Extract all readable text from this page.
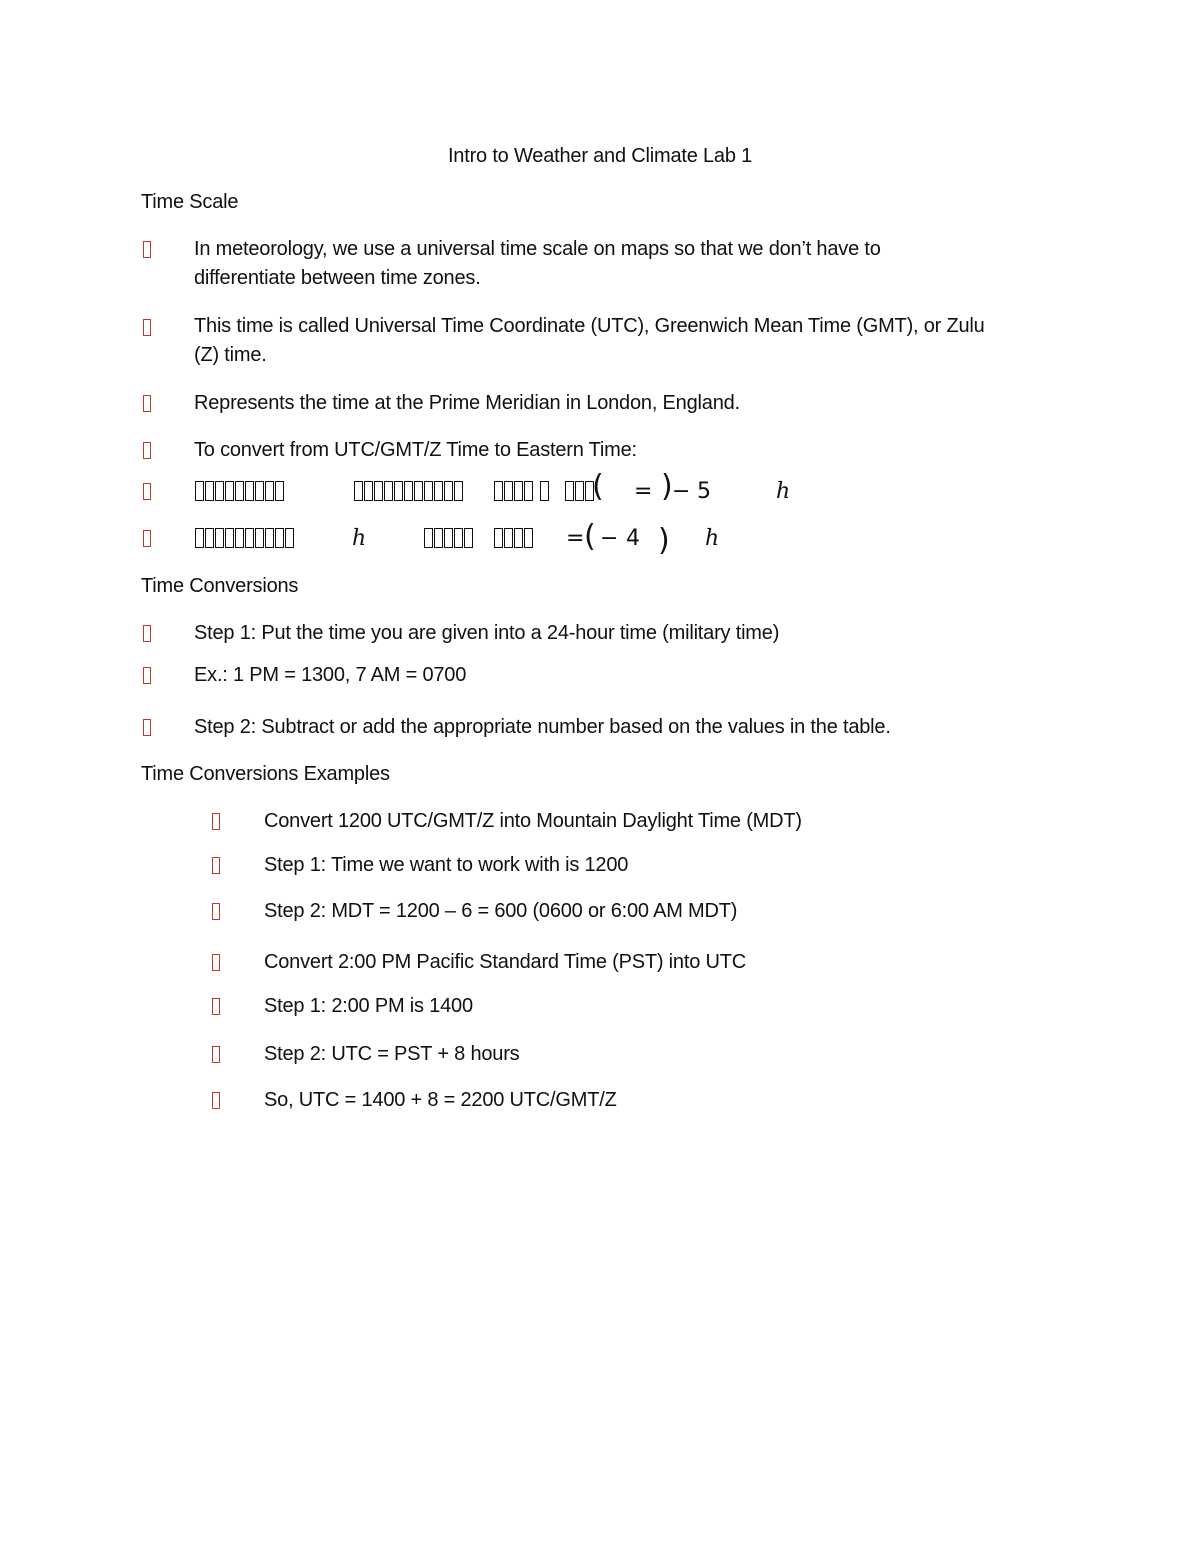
Intro to Weather and Climate Lab 1
Time Scale
In meteorology, we use a universal time scale on maps so that we don’t have to
differentiate between time zones.
This time is called Universal Time Coordinate (UTC), Greenwich Mean Time (GMT), or Zulu
(Z) time.
Represents the time at the Prime Meridian in London, England.
To convert from UTC/GMT/Z Time to Eastern Time:
( = ) − 5	h
h	= ( − 4 ) h
Time Conversions
Step 1: Put the time you are given into a 24-hour time (military time)
Ex.: 1 PM = 1300, 7 AM = 0700
Step 2: Subtract or add the appropriate number based on the values in the table.
Time Conversions Examples
Convert 1200 UTC/GMT/Z into Mountain Daylight Time (MDT)
Step 1: Time we want to work with is 1200
Step 2: MDT = 1200 – 6 = 600 (0600 or 6:00 AM MDT)
Convert 2:00 PM Pacific Standard Time (PST) into UTC
Step 1: 2:00 PM is 1400
Step 2: UTC = PST + 8 hours
So, UTC = 1400 + 8 = 2200 UTC/GMT/Z
